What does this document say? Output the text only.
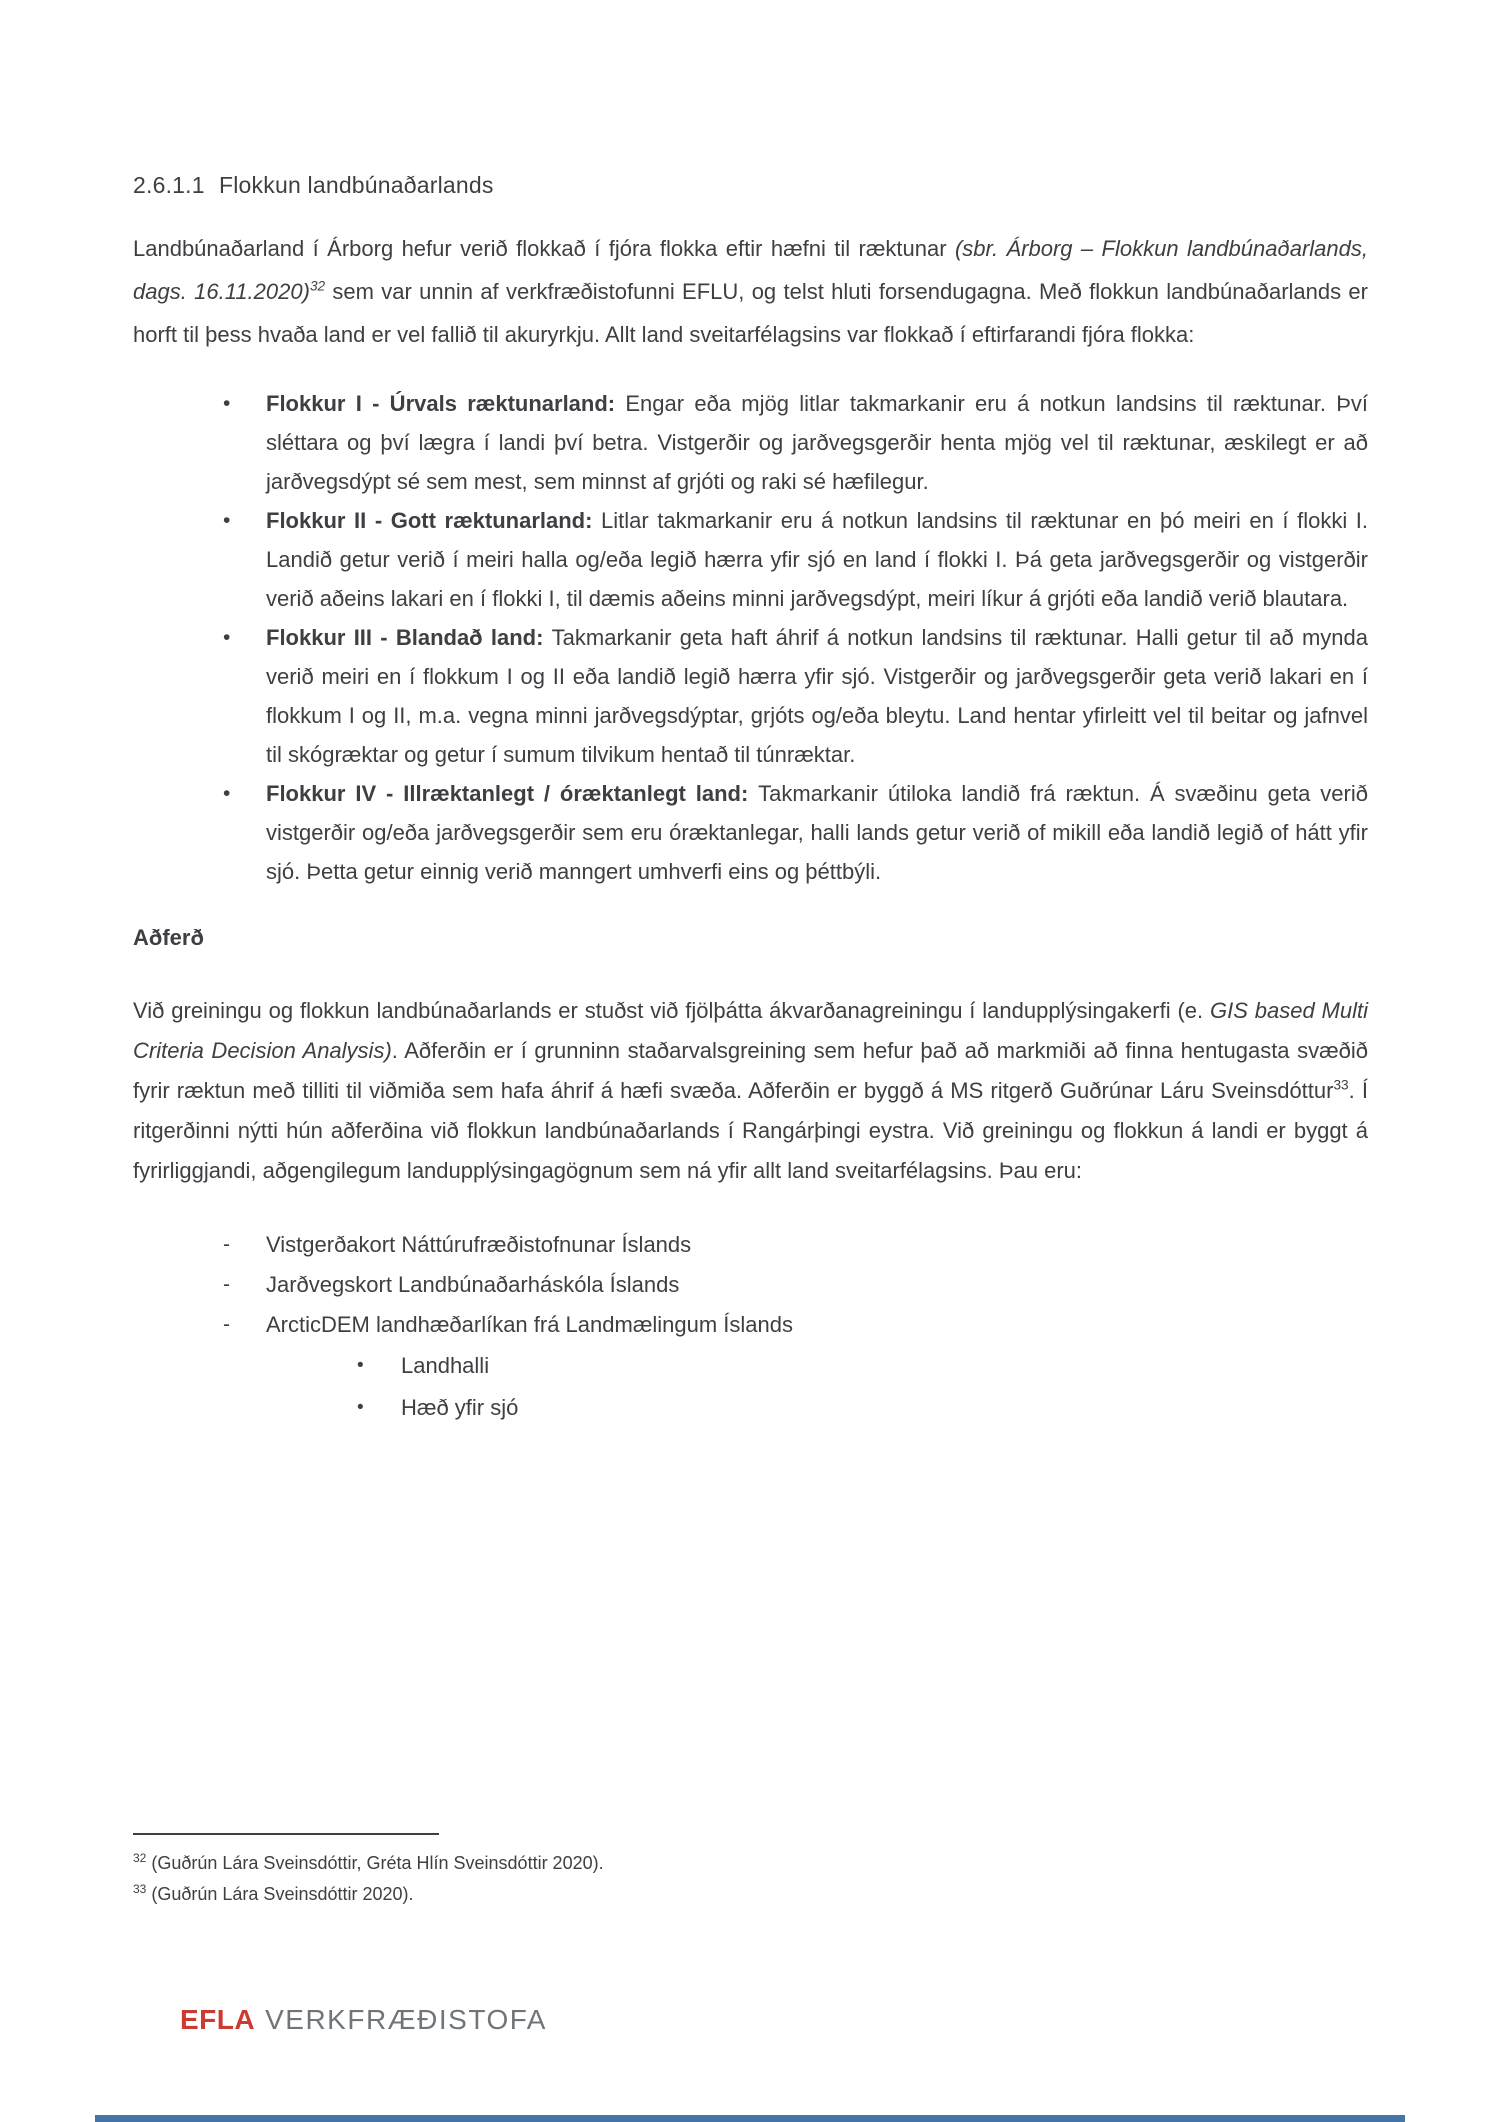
2.6.1.1 Flokkun landbúnaðarlands

Landbúnaðarland í Árborg hefur verið flokkað í fjóra flokka eftir hæfni til ræktunar (sbr. Árborg – Flokkun landbúnaðarlands, dags. 16.11.2020)$^{32}$ sem var unnin af verkfræðistofunni EFLU, og telst hluti forsendugagna. Með flokkun landbúnaðarlands er horft til þess hvaða land er vel fallið til akuryrkju. Allt land sveitarfélagsins var flokkað í eftirfarandi fjóra flokka:

• Flokkur I - Úrvals ræktunarland: Engar eða mjög litlar takmarkanir eru á notkun landsins til ræktunar. Því sléttara og því lægra í landi því betra. Vistgerðir og jarðvegsgerðir henta mjög vel til ræktunar, æskilegt er að jarðvegsdýpt sé sem mest, sem minnst af grjóti og raki sé hæfilegur.

• Flokkur II - Gott ræktunarland: Litlar takmarkanir eru á notkun landsins til ræktunar en þó meiri en í flokki I. Landið getur verið í meiri halla og/eða legið hærra yfir sjó en land í flokki I. Þá geta jarðvegsgerðir og vistgerðir verið aðeins lakari en í flokki I, til dæmis aðeins minni jarðvegsdýpt, meiri líkur á grjóti eða landið verið blautara.

• Flokkur III - Blandað land: Takmarkanir geta haft áhrif á notkun landsins til ræktunar. Halli getur til að mynda verið meiri en í flokkum I og II eða landið legið hærra yfir sjó. Vistgerðir og jarðvegsgerðir geta verið lakari en í flokkum I og II, m.a. vegna minni jarðvegsdýptar, grjóts og/eða bleytu. Land hentar yfirleitt vel til beitar og jafnvel til skógræktar og getur í sumum tilvikum hentað til túnræktar.

• Flokkur IV - Illræktanlegt / óræktanlegt land: Takmarkanir útiloka landið frá ræktun. Á svæðinu geta verið vistgerðir og/eða jarðvegsgerðir sem eru óræktanlegar, halli lands getur verið of mikill eða landið legið of hátt yfir sjó. Þetta getur einnig verið manngert umhverfi eins og þéttbýli.

Aðferð

Við greiningu og flokkun landbúnaðarlands er stuðst við fjölþátta ákvarðanagreiningu í landupplýsingakerfi (e. GIS based Multi Criteria Decision Analysis). Aðferðin er í grunninn staðarvalsgreining sem hefur það að markmiði að finna hentugasta svæðið fyrir ræktun með tilliti til viðmiða sem hafa áhrif á hæfi svæða. Aðferðin er byggð á MS ritgerð Guðrúnar Láru Sveinsdóttur$^{33}$. Í ritgerðinni nýtti hún aðferðina við flokkun landbúnaðarlands í Rangárþingi eystra. Við greiningu og flokkun á landi er byggt á fyrirliggjandi, aðgengilegum landupplýsingagögnum sem ná yfir allt land sveitarfélagsins. Þau eru:

- Vistgerðakort Náttúrufræðistofnunar Íslands

- Jarðvegskort Landbúnaðarháskóla Íslands

- ArcticDEM landhæðarlíkan frá Landmælingum Íslands

• Landhalli

• Hæð yfir sjó

$^{32}$ (Guðrún Lára Sveinsdóttir, Gréta Hlín Sveinsdóttir 2020).

$^{33}$ (Guðrún Lára Sveinsdóttir 2020).

EFLA VERKFRÆÐISTOFA
